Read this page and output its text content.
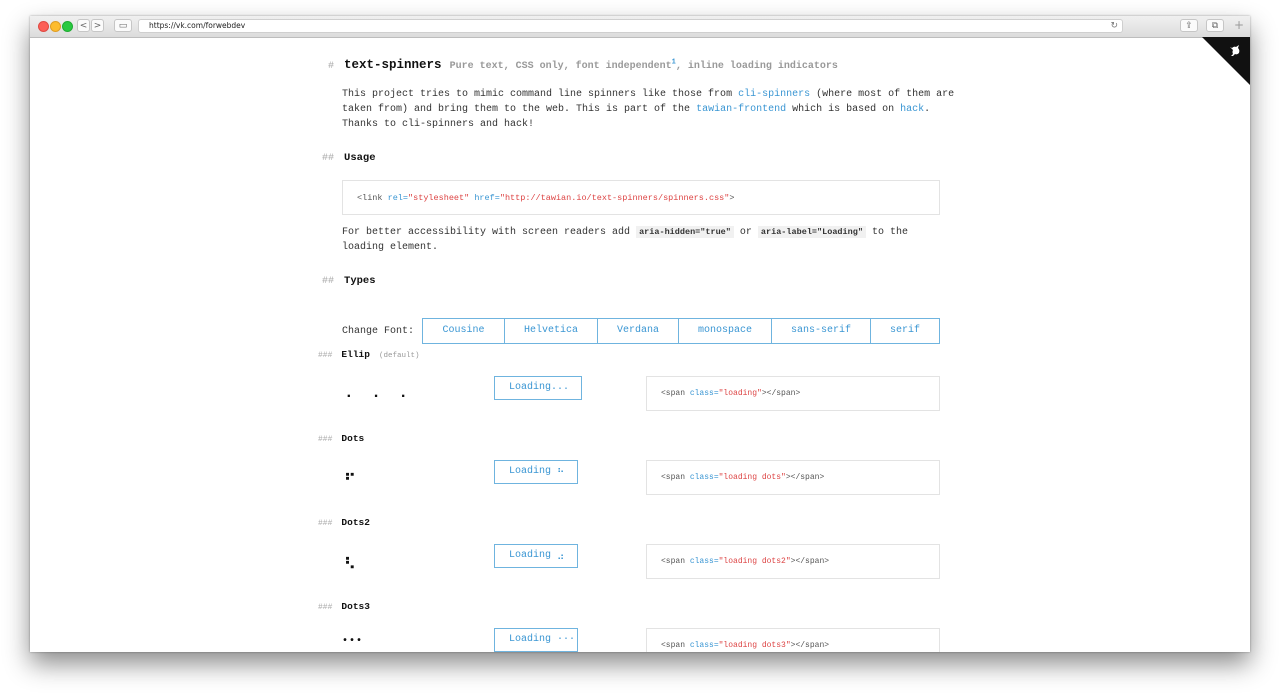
< >	▭	https://vk.com/forwebdev	↻	⇪	⧉	+
# text-spinners Pure text, CSS only, font independent$^1$, inline loading indicators
This project tries to mimic command line spinners like those from cli-spinners (where most of them are
taken from) and bring them to the web. This is part of the tawian-frontend which is based on hack.
Thanks to cli-spinners and hack!
## Usage
<link rel="stylesheet" href="http://tawian.io/text-spinners/spinners.css">
For better accessibility with screen readers add aria-hidden="true" or aria-label="Loading" to the
loading element.
## Types
Change Font:	Cousine	Helvetica	Verdana	monospace	sans-serif	serif
### Ellip (default)
. . .	Loading...
<span class="loading"></span>
### Dots
⠖	Loading ⠦
<span class="loading dots"></span>
### Dots2
⢆	Loading ⣠
<span class="loading dots2"></span>
### Dots3
•••	Loading ···
<span class="loading dots3"></span>
